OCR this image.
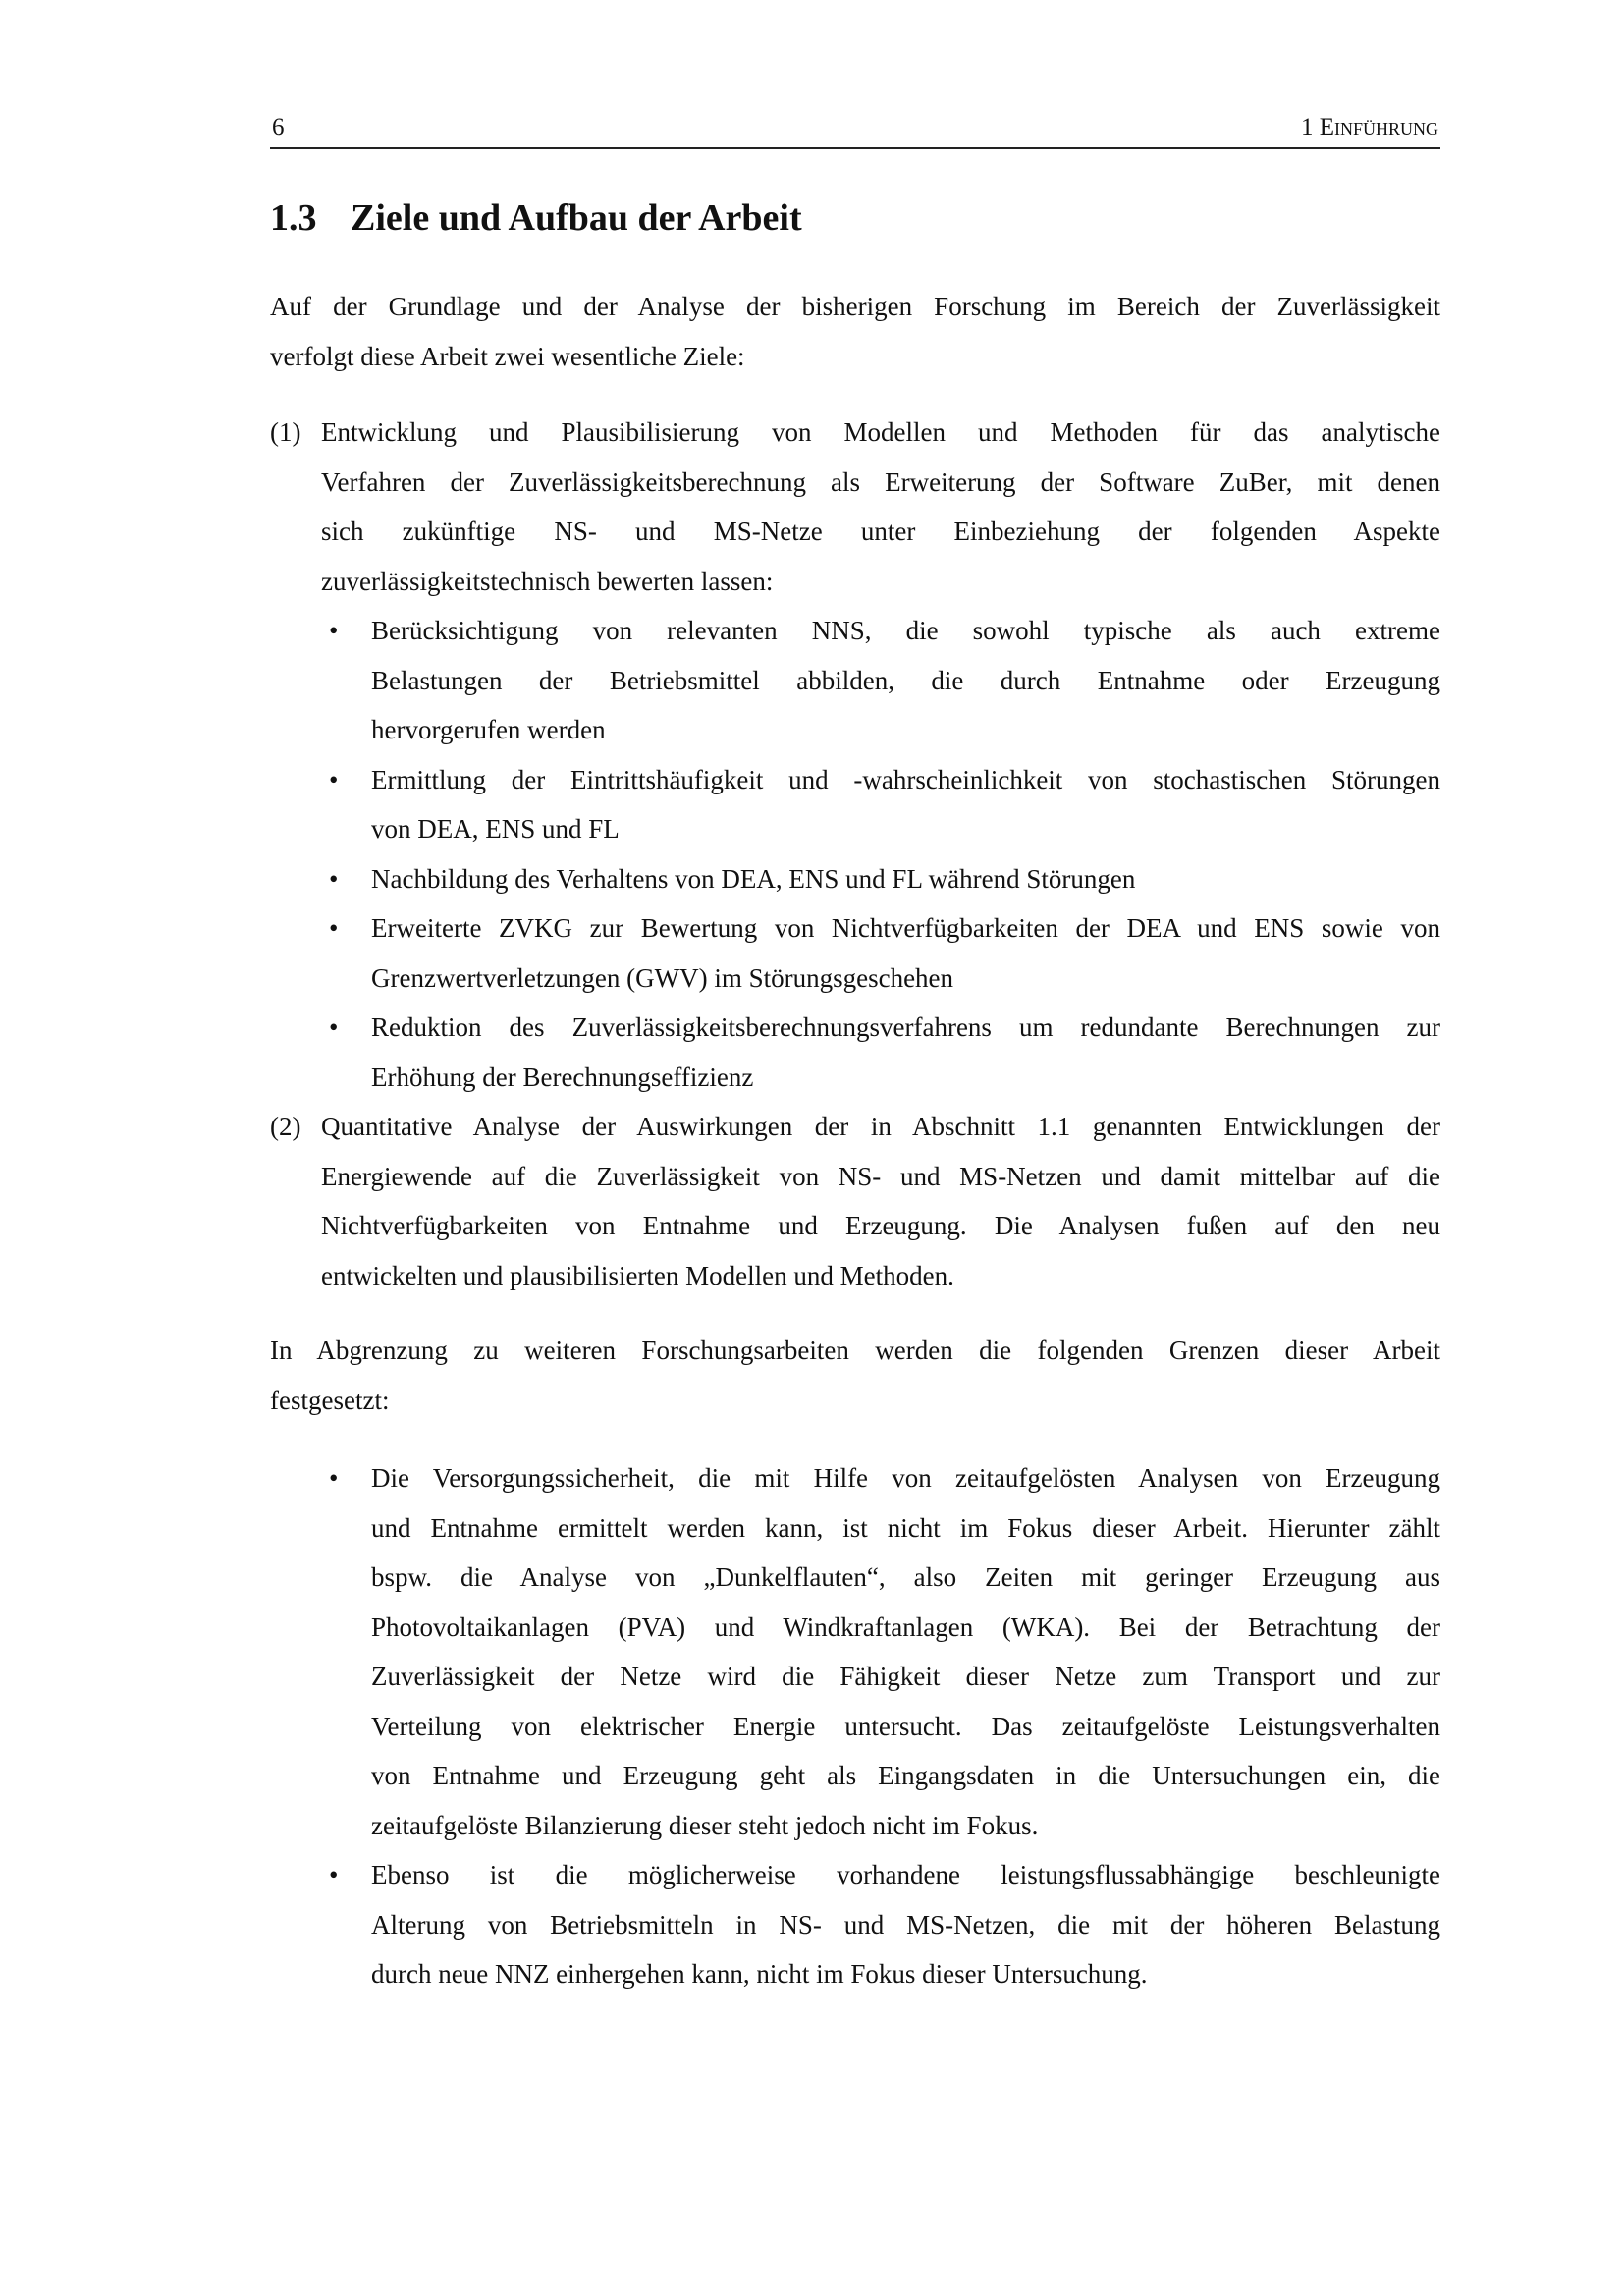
6	1 Einführung
1.3 Ziele und Aufbau der Arbeit
Auf der Grundlage und der Analyse der bisherigen Forschung im Bereich der Zuverlässigkeit
verfolgt diese Arbeit zwei wesentliche Ziele:
(1) Entwicklung und Plausibilisierung von Modellen und Methoden für das analytische
Verfahren der Zuverlässigkeitsberechnung als Erweiterung der Software ZuBer, mit denen
sich zukünftige NS- und MS-Netze unter Einbeziehung der folgenden Aspekte
zuverlässigkeitstechnisch bewerten lassen:
• Berücksichtigung von relevanten NNS, die sowohl typische als auch extreme
Belastungen der Betriebsmittel abbilden, die durch Entnahme oder Erzeugung
hervorgerufen werden
• Ermittlung der Eintrittshäufigkeit und -wahrscheinlichkeit von stochastischen Störungen
von DEA, ENS und FL
• Nachbildung des Verhaltens von DEA, ENS und FL während Störungen
• Erweiterte ZVKG zur Bewertung von Nichtverfügbarkeiten der DEA und ENS sowie von
Grenzwertverletzungen (GWV) im Störungsgeschehen
• Reduktion des Zuverlässigkeitsberechnungsverfahrens um redundante Berechnungen zur
Erhöhung der Berechnungseffizienz
(2) Quantitative Analyse der Auswirkungen der in Abschnitt 1.1 genannten Entwicklungen der
Energiewende auf die Zuverlässigkeit von NS- und MS-Netzen und damit mittelbar auf die
Nichtverfügbarkeiten von Entnahme und Erzeugung. Die Analysen fußen auf den neu
entwickelten und plausibilisierten Modellen und Methoden.
In Abgrenzung zu weiteren Forschungsarbeiten werden die folgenden Grenzen dieser Arbeit
festgesetzt:
• Die Versorgungssicherheit, die mit Hilfe von zeitaufgelösten Analysen von Erzeugung
und Entnahme ermittelt werden kann, ist nicht im Fokus dieser Arbeit. Hierunter zählt
bspw. die Analyse von „Dunkelflauten“, also Zeiten mit geringer Erzeugung aus
Photovoltaikanlagen (PVA) und Windkraftanlagen (WKA). Bei der Betrachtung der
Zuverlässigkeit der Netze wird die Fähigkeit dieser Netze zum Transport und zur
Verteilung von elektrischer Energie untersucht. Das zeitaufgelöste Leistungsverhalten
von Entnahme und Erzeugung geht als Eingangsdaten in die Untersuchungen ein, die
zeitaufgelöste Bilanzierung dieser steht jedoch nicht im Fokus.
• Ebenso ist die möglicherweise vorhandene leistungsflussabhängige beschleunigte
Alterung von Betriebsmitteln in NS- und MS-Netzen, die mit der höheren Belastung
durch neue NNZ einhergehen kann, nicht im Fokus dieser Untersuchung.
